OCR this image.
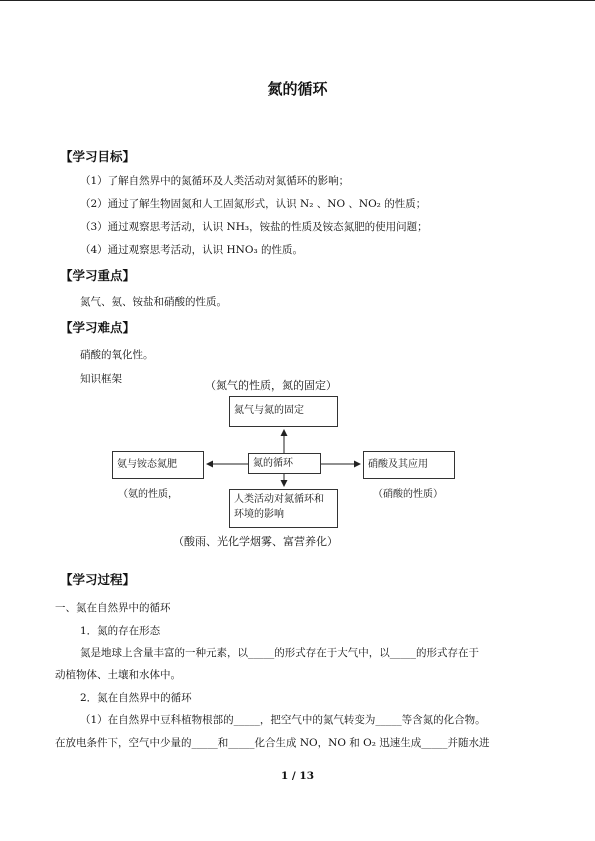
氮的循环
【学习目标】
（1）了解自然界中的氮循环及人类活动对氮循环的影响；
（2）通过了解生物固氮和人工固氮形式，认识 N₂ 、NO 、NO₂ 的性质；
（3）通过观察思考活动，认识 NH₃，铵盐的性质及铵态氮肥的使用问题；
（4）通过观察思考活动，认识 HNO₃ 的性质。
【学习重点】
氮气、氨、铵盐和硝酸的性质。
【学习难点】
硝酸的氧化性。
知识框架	（氮气的性质，氮的固定）
氮气与氮的固定
氮的循环
氨与铵态氮肥	硝酸及其应用
人类活动对氮循环和环境的影响
（氨的性质，	（硝酸的性质）
（酸雨、光化学烟雾、富营养化）
【学习过程】
一、氮在自然界中的循环
1．氮的存在形态
氮是地球上含量丰富的一种元素，以_____的形式存在于大气中，以_____的形式存在于
动植物体、土壤和水体中。
2．氮在自然界中的循环
（1）在自然界中豆科植物根部的_____，把空气中的氮气转变为_____等含氮的化合物。
在放电条件下，空气中少量的_____和_____化合生成 NO，NO 和 O₂ 迅速生成_____并随水进
1 / 13
